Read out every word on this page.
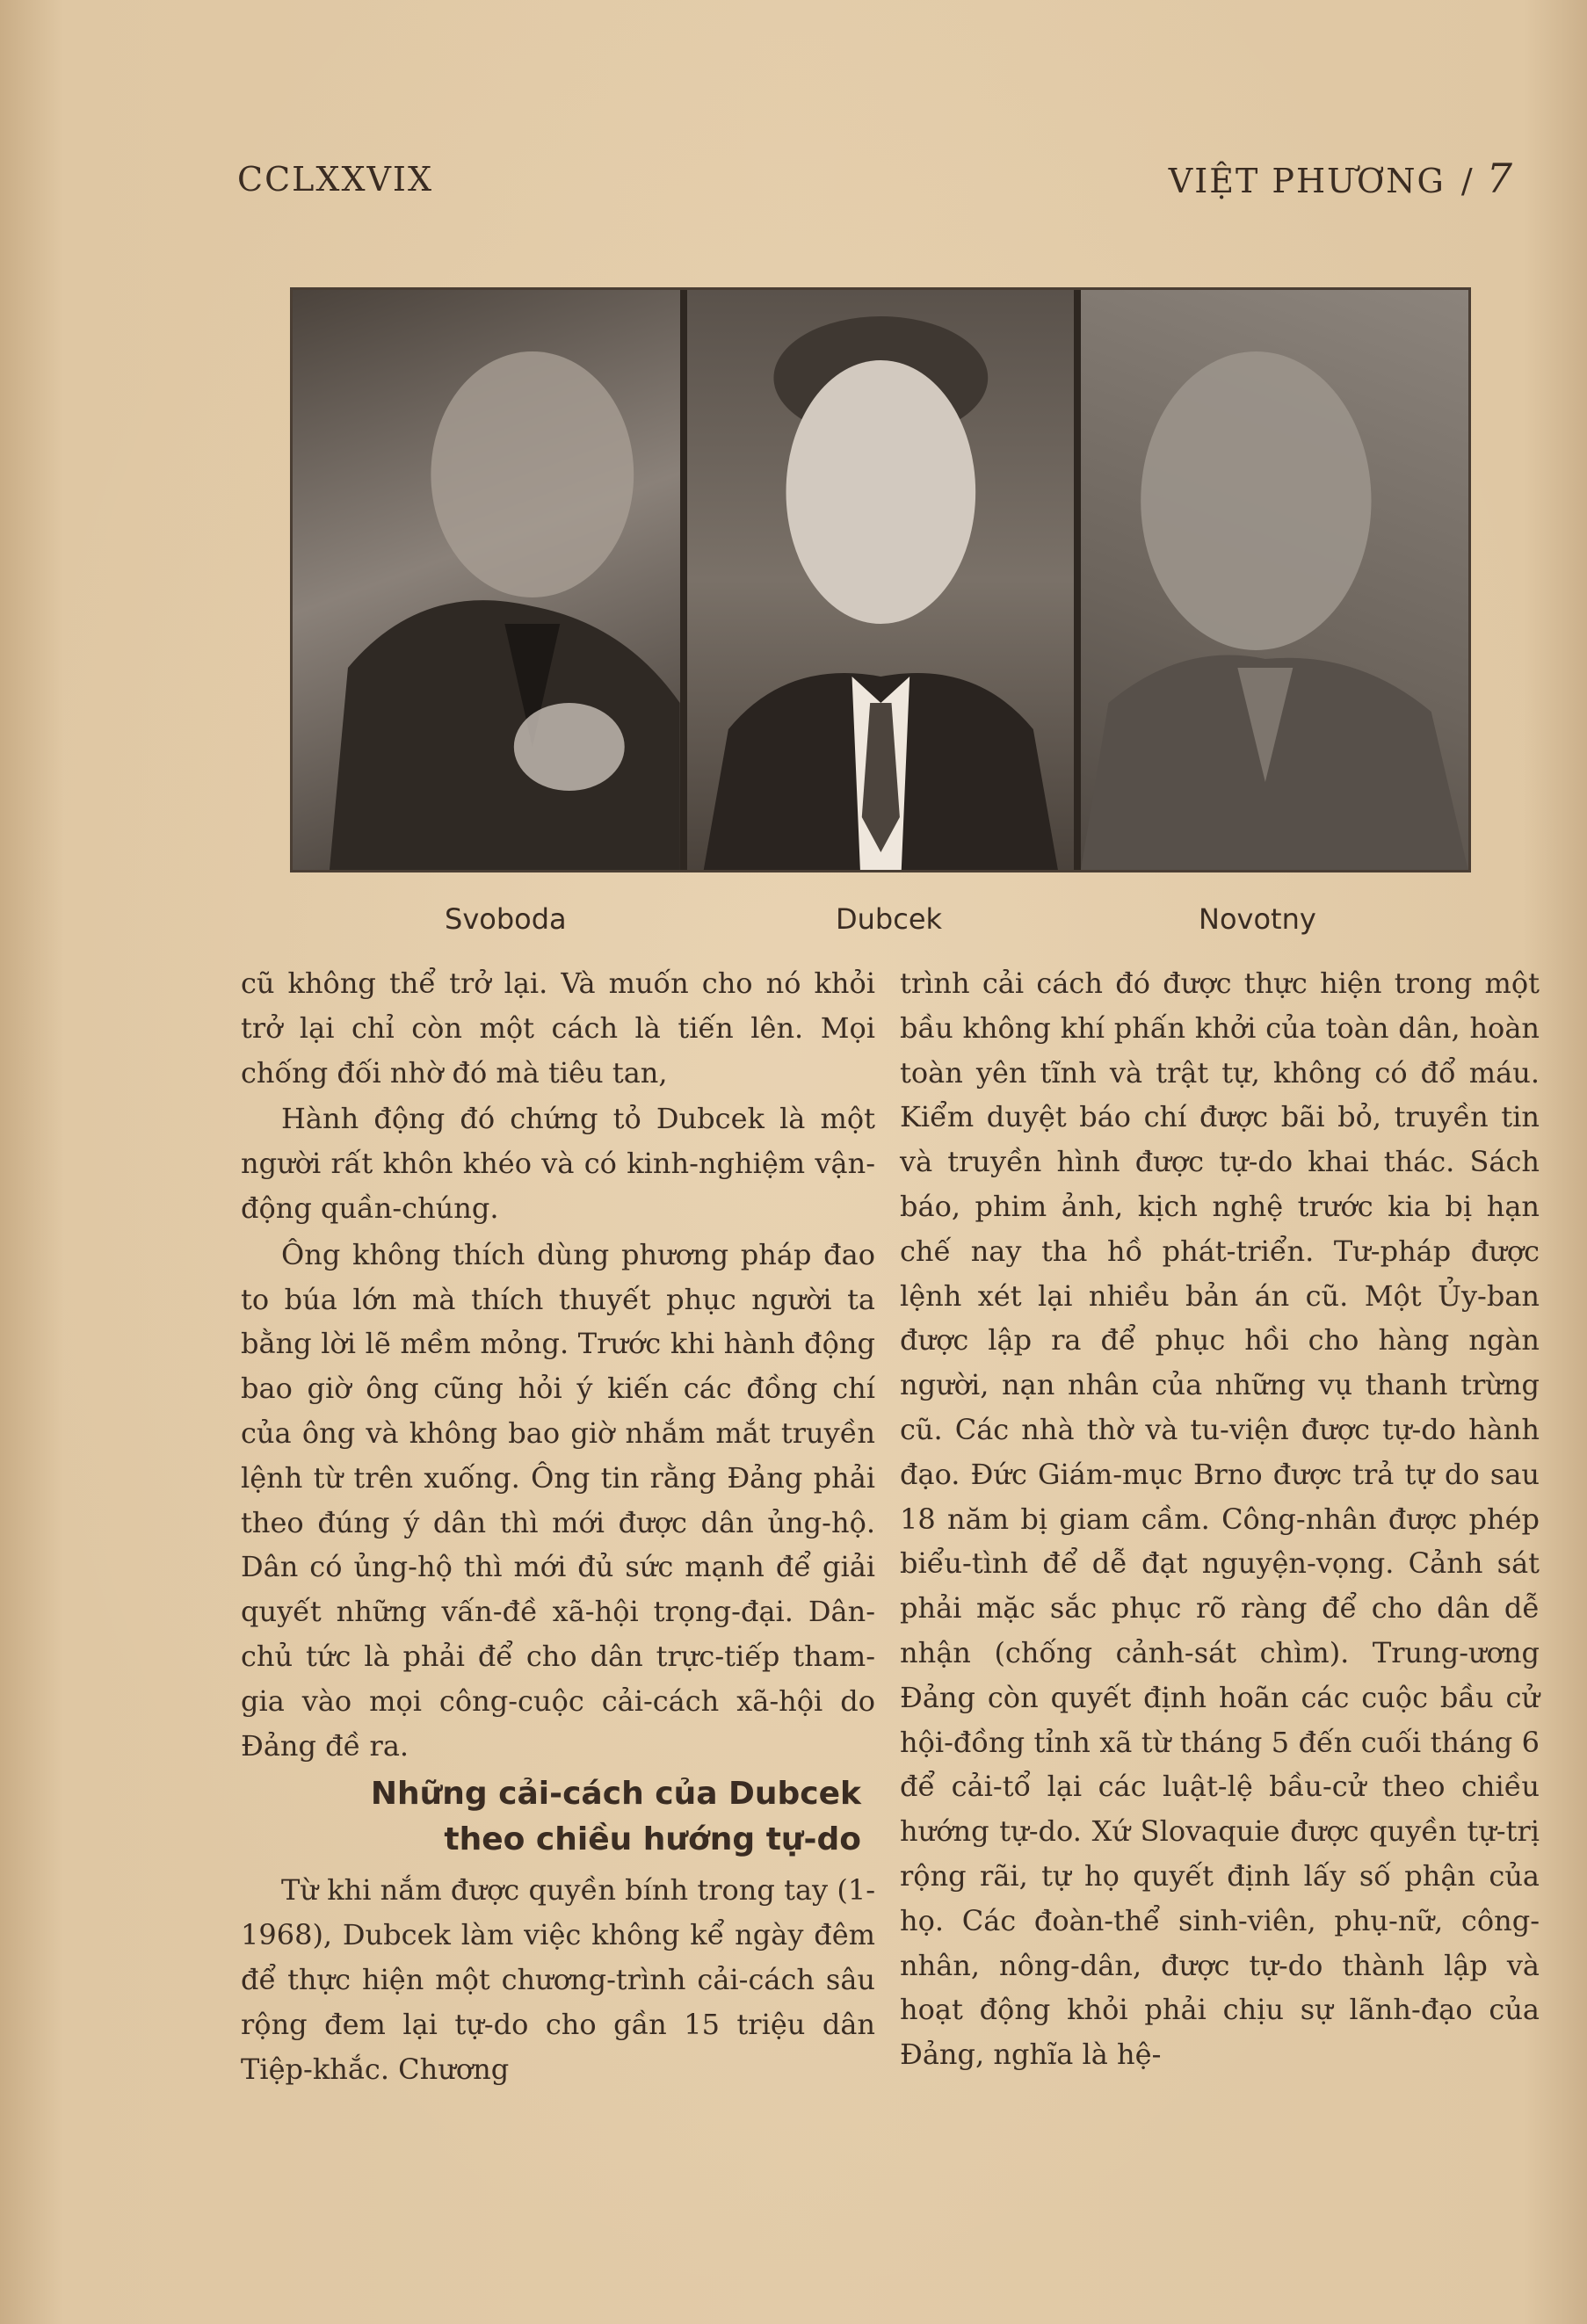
CCLXXVIX	VIỆT PHƯƠNG / 7
Svoboda	Dubcek	Novotny

cũ không thể trở lại. Và muốn cho nó khỏi trở lại chỉ còn một cách là tiến lên. Mọi chống đối nhờ đó mà tiêu tan,

Hành động đó chứng tỏ Dubcek là một người rất khôn khéo và có kinh-nghiệm vận-động quần-chúng.

Ông không thích dùng phương pháp đao to búa lớn mà thích thuyết phục người ta bằng lời lẽ mềm mỏng. Trước khi hành động bao giờ ông cũng hỏi ý kiến các đồng chí của ông và không bao giờ nhắm mắt truyền lệnh từ trên xuống. Ông tin rằng Đảng phải theo đúng ý dân thì mới được dân ủng-hộ. Dân có ủng-hộ thì mới đủ sức mạnh để giải quyết những vấn-đề xã-hội trọng-đại. Dân-chủ tức là phải để cho dân trực-tiếp tham-gia vào mọi công-cuộc cải-cách xã-hội do Đảng đề ra.

Những cải-cách của Dubcek
theo chiều hướng tự-do

Từ khi nắm được quyền bính trong tay (1-1968), Dubcek làm việc không kể ngày đêm để thực hiện một chương-trình cải-cách sâu rộng đem lại tự-do cho gần 15 triệu dân Tiệp-khắc. Chương

trình cải cách đó được thực hiện trong một bầu không khí phấn khởi của toàn dân, hoàn toàn yên tĩnh và trật tự, không có đổ máu. Kiểm duyệt báo chí được bãi bỏ, truyền tin và truyền hình được tự-do khai thác. Sách báo, phim ảnh, kịch nghệ trước kia bị hạn chế nay tha hồ phát-triển. Tư-pháp được lệnh xét lại nhiều bản án cũ. Một Ủy-ban được lập ra để phục hồi cho hàng ngàn người, nạn nhân của những vụ thanh trừng cũ. Các nhà thờ và tu-viện được tự-do hành đạo. Đức Giám-mục Brno được trả tự do sau 18 năm bị giam cầm. Công-nhân được phép biểu-tình để dễ đạt nguyện-vọng. Cảnh sát phải mặc sắc phục rõ ràng để cho dân dễ nhận (chống cảnh-sát chìm). Trung-ương Đảng còn quyết định hoãn các cuộc bầu cử hội-đồng tỉnh xã từ tháng 5 đến cuối tháng 6 để cải-tổ lại các luật-lệ bầu-cử theo chiều hướng tự-do. Xứ Slovaquie được quyền tự-trị rộng rãi, tự họ quyết định lấy số phận của họ. Các đoàn-thể sinh-viên, phụ-nữ, công-nhân, nông-dân, được tự-do thành lập và hoạt động khỏi phải chịu sự lãnh-đạo của Đảng, nghĩa là hệ-
